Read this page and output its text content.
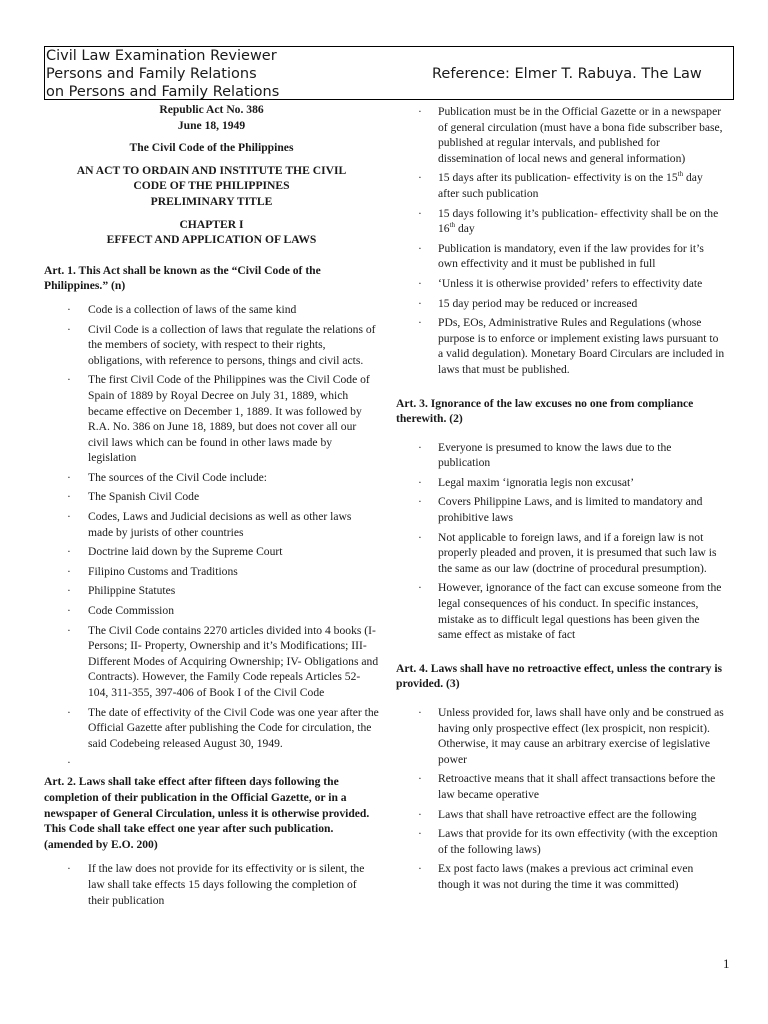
Civil Law Examination Reviewer
Persons and Family Relations	Reference: Elmer T. Rabuya. The Law
on Persons and Family Relations
Republic Act No. 386
June 18, 1949
The Civil Code of the Philippines
AN ACT TO ORDAIN AND INSTITUTE THE CIVIL
CODE OF THE PHILIPPINES
PRELIMINARY TITLE
CHAPTER I
EFFECT AND APPLICATION OF LAWS

Art. 1. This Act shall be known as the “Civil Code of the Philippines.” (n)

· Code is a collection of laws of the same kind
· Civil Code is a collection of laws that regulate the relations of the members of society, with respect to their rights, obligations, with reference to persons, things and civil acts.
· The first Civil Code of the Philippines was the Civil Code of Spain of 1889 by Royal Decree on July 31, 1889, which became effective on December 1, 1889. It was followed by R.A. No. 386 on June 18, 1889, but does not cover all our civil laws which can be found in other laws made by legislation
· The sources of the Civil Code include:
· The Spanish Civil Code
· Codes, Laws and Judicial decisions as well as other laws made by jurists of other countries
· Doctrine laid down by the Supreme Court
· Filipino Customs and Traditions
· Philippine Statutes
· Code Commission
· The Civil Code contains 2270 articles divided into 4 books (I-Persons; II- Property, Ownership and it’s Modifications; III- Different Modes of Acquiring Ownership; IV- Obligations and Contracts). However, the Family Code repeals Articles 52-104, 311-355, 397-406 of Book I of the Civil Code
· The date of effectivity of the Civil Code was one year after the Official Gazette after publishing the Code for circulation, the said Codebeing released August 30, 1949.
·

Art. 2. Laws shall take effect after fifteen days following the completion of their publication in the Official Gazette, or in a newspaper of General Circulation, unless it is otherwise provided. This Code shall take effect one year after such publication. (amended by E.O. 200)

· If the law does not provide for its effectivity or is silent, the law shall take effects 15 days following the completion of their publication
· Publication must be in the Official Gazette or in a newspaper of general circulation (must have a bona fide subscriber base, published at regular intervals, and published for dissemination of local news and general information)
· 15 days after its publication- effectivity is on the 15th day after such publication
· 15 days following it’s publication- effectivity shall be on the 16th day
· Publication is mandatory, even if the law provides for it’s own effectivity and it must be published in full
· ‘Unless it is otherwise provided’ refers to effectivity date
· 15 day period may be reduced or increased
· PDs, EOs, Administrative Rules and Regulations (whose purpose is to enforce or implement existing laws pursuant to a valid degulation). Monetary Board Circulars are included in laws that must be published.

Art. 3. Ignorance of the law excuses no one from compliance therewith. (2)

· Everyone is presumed to know the laws due to the publication
· Legal maxim ‘ignoratia legis non excusat’
· Covers Philippine Laws, and is limited to mandatory and prohibitive laws
· Not applicable to foreign laws, and if a foreign law is not properly pleaded and proven, it is presumed that such law is the same as our law (doctrine of procedural presumption).
· However, ignorance of the fact can excuse someone from the legal consequences of his conduct. In specific instances, mistake as to difficult legal questions has been given the same effect as mistake of fact

Art. 4. Laws shall have no retroactive effect, unless the contrary is provided. (3)

· Unless provided for, laws shall have only and be construed as having only prospective effect (lex prospicit, non respicit). Otherwise, it may cause an arbitrary exercise of legislative power
· Retroactive means that it shall affect transactions before the law became operative
· Laws that shall have retroactive effect are the following
· Laws that provide for its own effectivity (with the exception of the following laws)
· Ex post facto laws (makes a previous act criminal even though it was not during the time it was committed)
1
